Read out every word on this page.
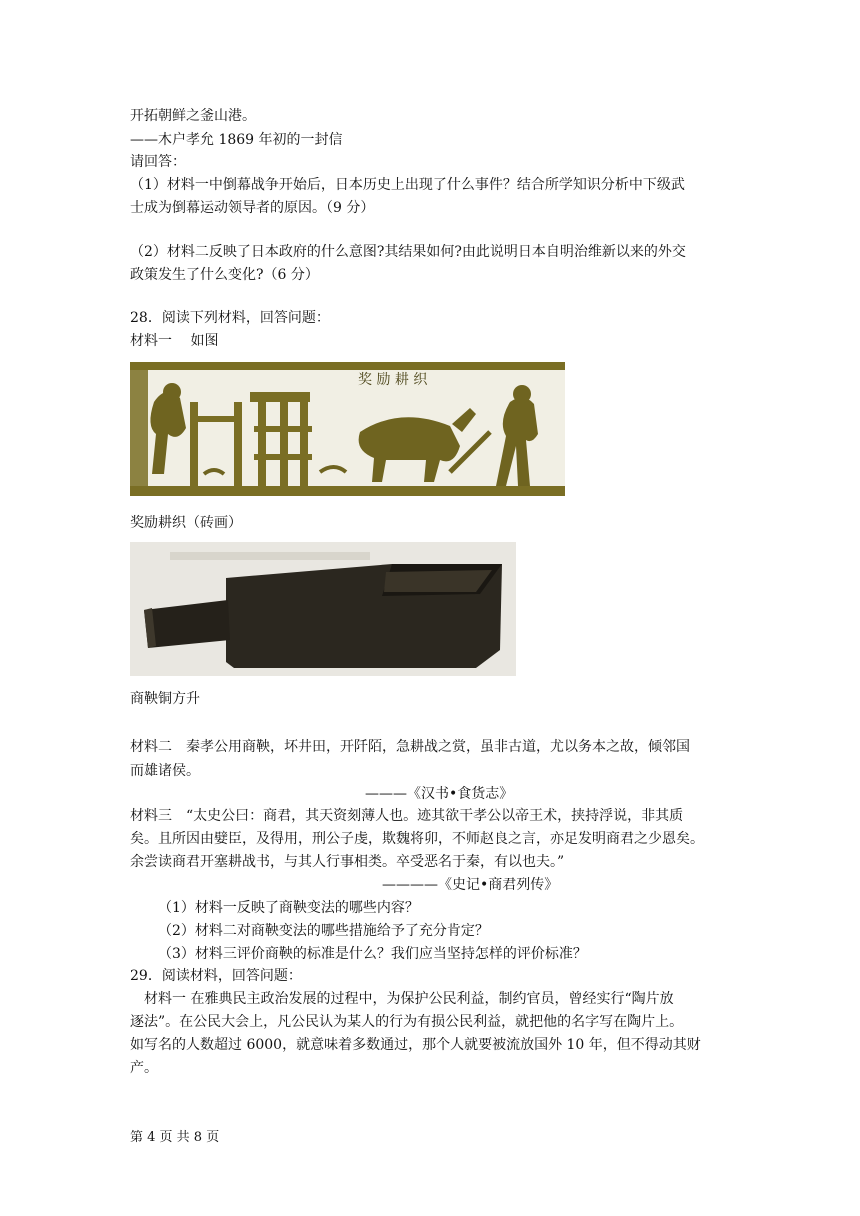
开拓朝鲜之釜山港。
——木户孝允 1869 年初的一封信
请回答：
（1）材料一中倒幕战争开始后，日本历史上出现了什么事件？结合所学知识分析中下级武
士成为倒幕运动领导者的原因。（9 分）
（2）材料二反映了日本政府的什么意图?其结果如何?由此说明日本自明治维新以来的外交
政策发生了什么变化?（6 分）
28．阅读下列材料，回答问题：
材料一　 如图
奖 励 耕 织
奖励耕织（砖画）
商鞅铜方升
材料二　秦孝公用商鞅，坏井田，开阡陌，急耕战之赏，虽非古道，尤以务本之故，倾邻国
而雄诸侯。
———《汉书•食货志》
材料三　“太史公曰：商君，其天资刻薄人也。迹其欲干孝公以帝王术，挟持浮说，非其质
矣。且所因由嬖臣，及得用，刑公子虔，欺魏将卯，不师赵良之言，亦足发明商君之少恩矣。
余尝读商君开塞耕战书，与其人行事相类。卒受恶名于秦，有以也夫。”
————《史记•商君列传》
（1）材料一反映了商鞅变法的哪些内容？
（2）材料二对商鞅变法的哪些措施给予了充分肯定？
（3）材料三评价商鞅的标准是什么？我们应当坚持怎样的评价标准？
29．阅读材料，回答问题：
材料一 在雅典民主政治发展的过程中，为保护公民利益，制约官员，曾经实行“陶片放
逐法”。在公民大会上，凡公民认为某人的行为有损公民利益，就把他的名字写在陶片上。
如写名的人数超过 6000，就意味着多数通过，那个人就要被流放国外 10 年，但不得动其财
产。
第 4 页 共 8 页
